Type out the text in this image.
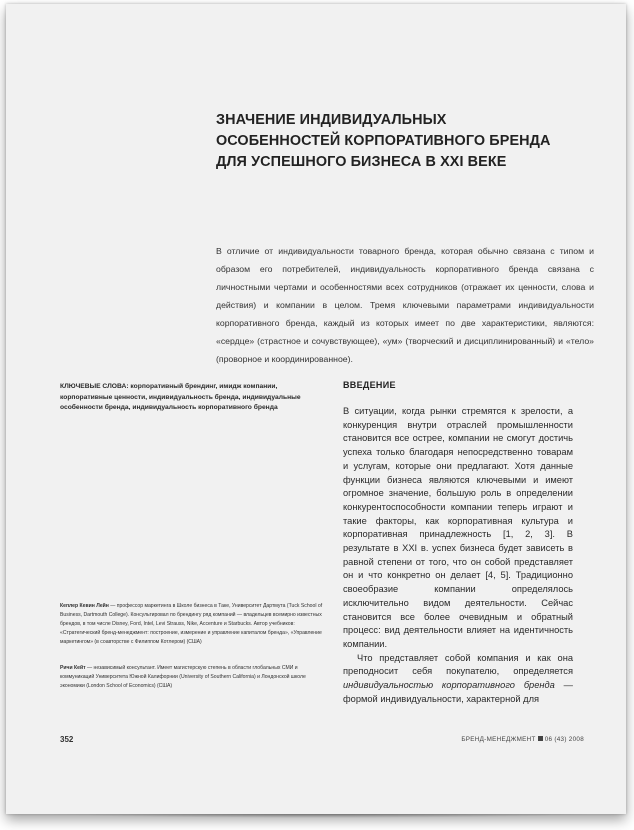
ЗНАЧЕНИЕ ИНДИВИДУАЛЬНЫХ
ОСОБЕННОСТЕЙ КОРПОРАТИВНОГО БРЕНДА
ДЛЯ УСПЕШНОГО БИЗНЕСА В XXI ВЕКЕ

В отличие от индивидуальности товарного бренда, которая обычно связана с типом и образом его потребителей, индивидуальность корпоративного бренда связана с личностными чертами и особенностями всех сотрудников (отражает их ценности, слова и действия) и компании в целом. Тремя ключевыми параметрами индивидуальности корпоративного бренда, каждый из которых имеет по две характеристики, являются: «сердце» (страстное и сочувствующее), «ум» (творческий и дисциплинированный) и «тело» (проворное и координированное).

КЛЮЧЕВЫЕ СЛОВА: корпоративный брендинг, имидж компании, корпоративные ценности, индивидуальность бренда, индивидуальные особенности бренда, индивидуальность корпоративного бренда

ВВЕДЕНИЕ
В ситуации, когда рынки стремятся к зрелости, а конкуренция внутри отраслей промышленности становится все острее, компании не смогут достичь успеха только благодаря непосредственно товарам и услугам, которые они предлагают. Хотя данные функции бизнеса являются ключевыми и имеют огромное значение, большую роль в определении конкурентоспособности компании теперь играют и такие факторы, как корпоративная культура и корпоративная принадлежность [1, 2, 3]. В результате в XXI в. успех бизнеса будет зависеть в равной степени от того, что он собой представляет он и что конкретно он делает [4, 5]. Традиционно своеобразие компании определялось исключительно видом деятельности. Сейчас становится все более очевидным и обратный процесс: вид деятельности влияет на идентичность компании.
Что представляет собой компания и как она преподносит себя покупателю, определяется индивидуальностью корпоративного бренда — формой индивидуальности, характерной для

Кеплер Кевин Лейн — профессор маркетинга в Школе бизнеса в Таке, Университет Дартмута (Tuck School of Business, Dartmouth College). Консультировал по брендингу ряд компаний — владельцев всемирно известных брендов, в том числе Disney, Ford, Intel, Levi Strauss, Nike, Accenture и Starbucks. Автор учебников: «Стратегический бренд-менеджмент: построение, измерение и управление капиталом бренда», «Управление маркетингом» (в соавторстве с Филиппом Котлером) (США)

Ричи Кейт — независимый консультант. Имеет магистерскую степень в области глобальных СМИ и коммуникаций Университета Южной Калифорнии (University of Southern California) и Лондонской школе экономики (London School of Economics) (США)

352	БРЕНД-МЕНЕДЖМЕНТ 06 (43) 2008
